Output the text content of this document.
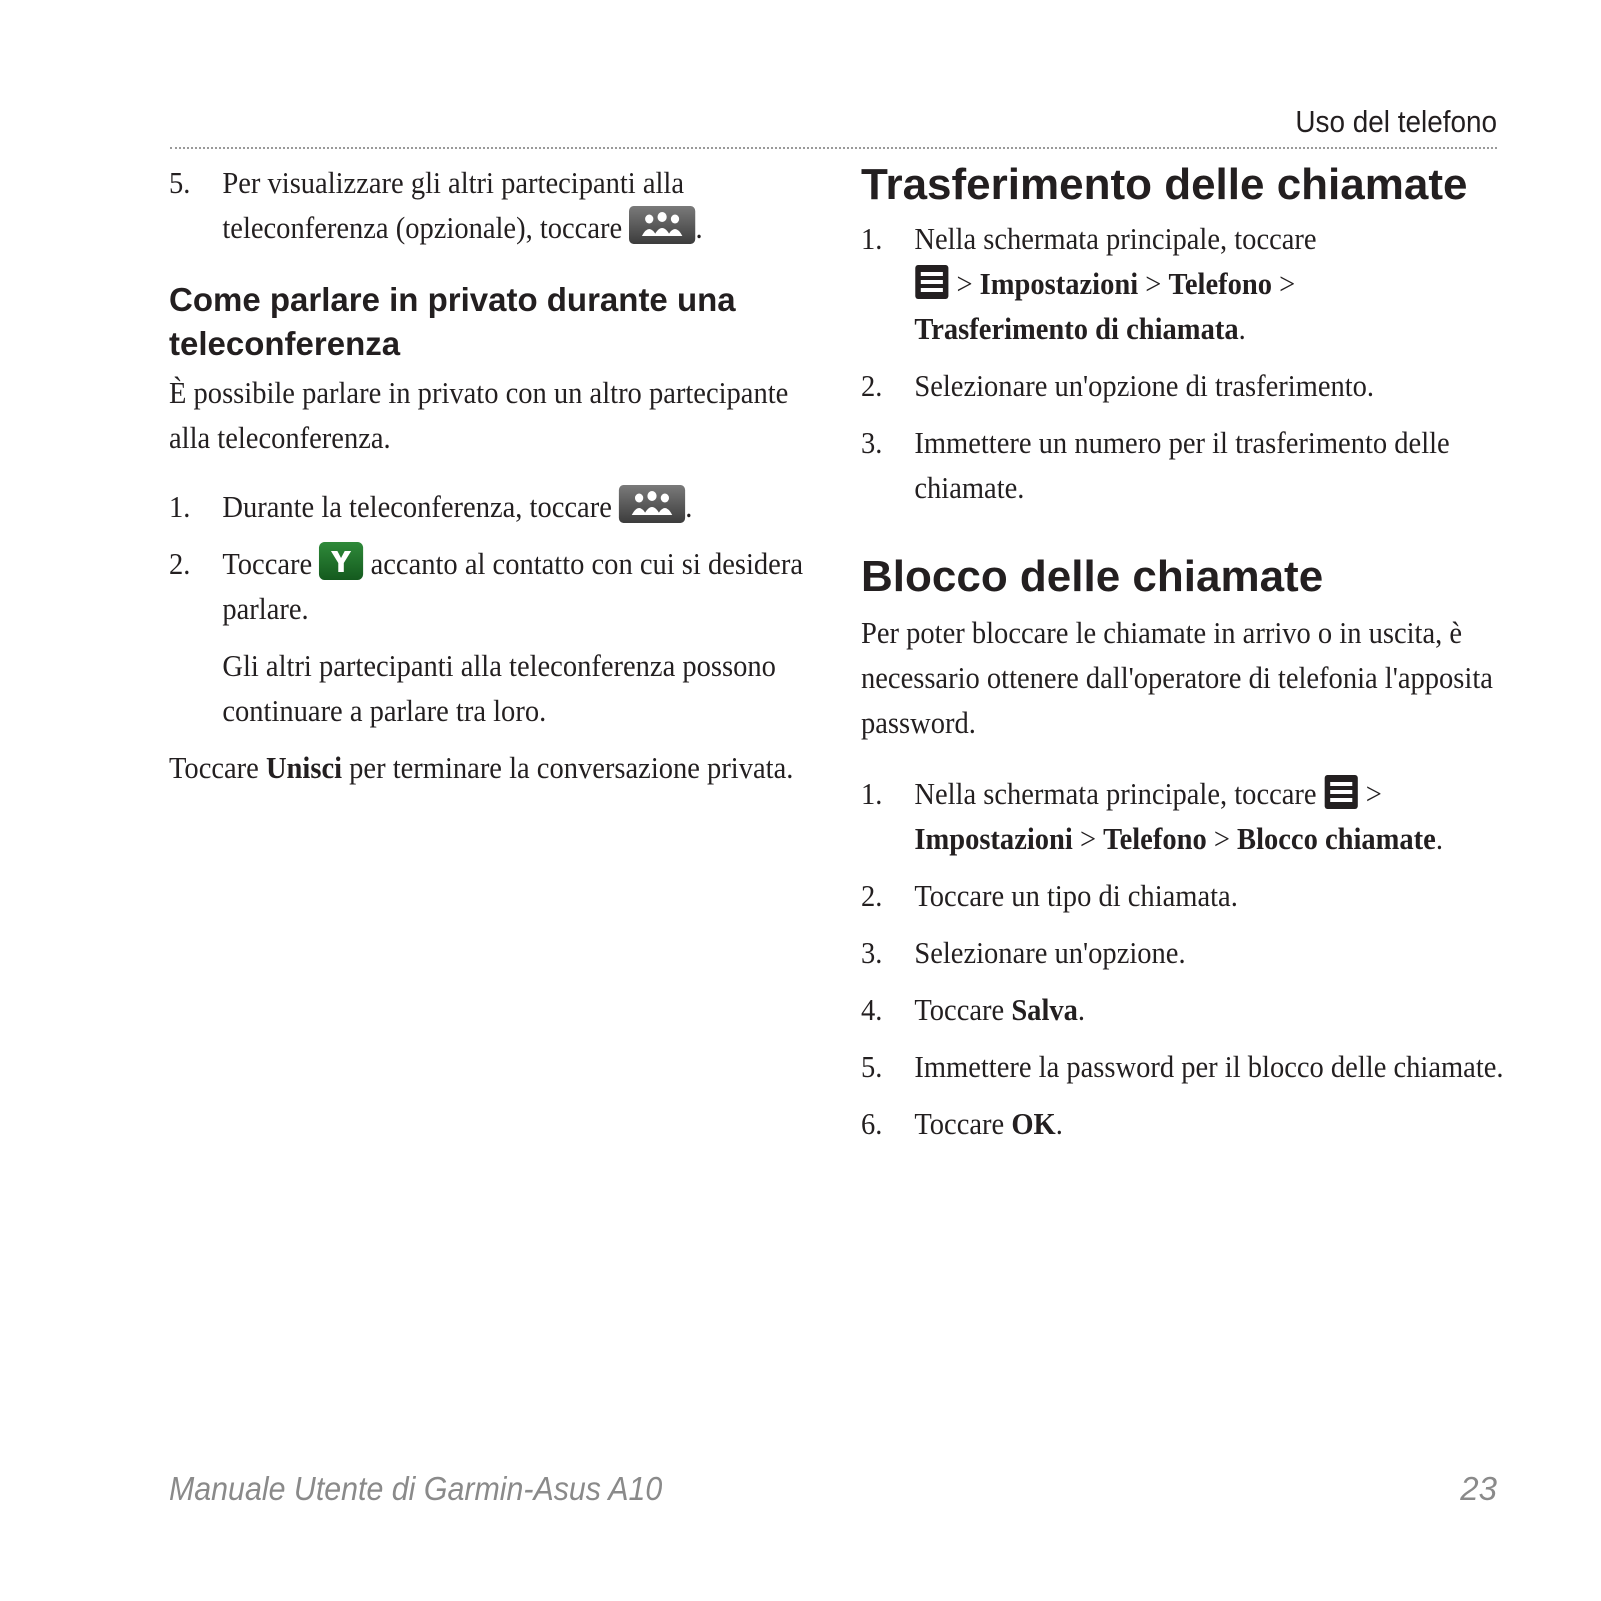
Uso del telefono
5. Per visualizzare gli altri partecipanti alla teleconferenza (opzionale), toccare .
Come parlare in privato durante una teleconferenza
È possibile parlare in privato con un altro partecipante alla teleconferenza.
1. Durante la teleconferenza, toccare .
2. Toccare accanto al contatto con cui si desidera parlare.
Gli altri partecipanti alla teleconferenza possono continuare a parlare tra loro.
Toccare Unisci per terminare la conversazione privata.
Trasferimento delle chiamate
1. Nella schermata principale, toccare
> Impostazioni > Telefono >
Trasferimento di chiamata.
2. Selezionare un'opzione di trasferimento.
3. Immettere un numero per il trasferimento delle chiamate.
Blocco delle chiamate
Per poter bloccare le chiamate in arrivo o in uscita, è necessario ottenere dall'operatore di telefonia l'apposita password.
1. Nella schermata principale, toccare >
Impostazioni > Telefono > Blocco chiamate.
2. Toccare un tipo di chiamata.
3. Selezionare un'opzione.
4. Toccare Salva.
5. Immettere la password per il blocco delle chiamate.
6. Toccare OK.
Manuale Utente di Garmin-Asus A10	23
